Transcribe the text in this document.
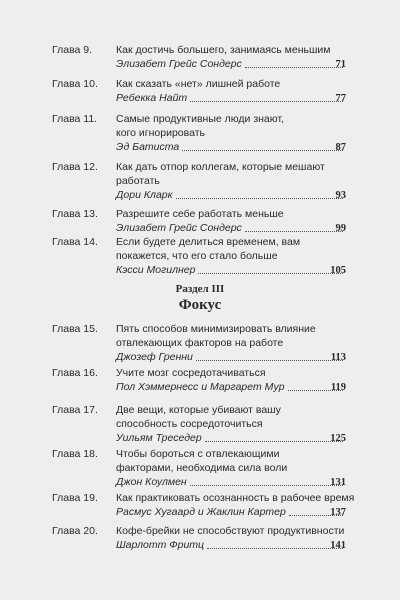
Глава 9. Как достичь большего, занимаясь меньшим

Элизабет Грейс Сондерс	71
Глава 10. Как сказать «нет» лишней работе

Ребекка Найт	77
Глава 11. Самые продуктивные люди знают, кого игнорировать

Эд Батиста	87
Глава 12. Как дать отпор коллегам, которые мешают работать

Дори Кларк	93
Глава 13. Разрешите себе работать меньше

Элизабет Грейс Сондерс	99
Глава 14. Если будете делиться временем, вам покажется, что его стало больше

Кэсси Могилнер	105
Раздел III
Фокус
Глава 15. Пять способов минимизировать влияние отвлекающих факторов на работе

Джозеф Гренни	113
Глава 16. Учите мозг сосредотачиваться

Пол Хэммернесс и Маргарет Мур	119
Глава 17. Две вещи, которые убивают вашу способность сосредоточиться

Уильям Треседер	125
Глава 18. Чтобы бороться с отвлекающими факторами, необходима сила воли

Джон Коулмен	131
Глава 19. Как практиковать осознанность в рабочее время

Расмус Хугаард и Жаклин Картер	137
Глава 20. Кофе-брейки не способствуют продуктивности

Шарлотт Фритц	141
